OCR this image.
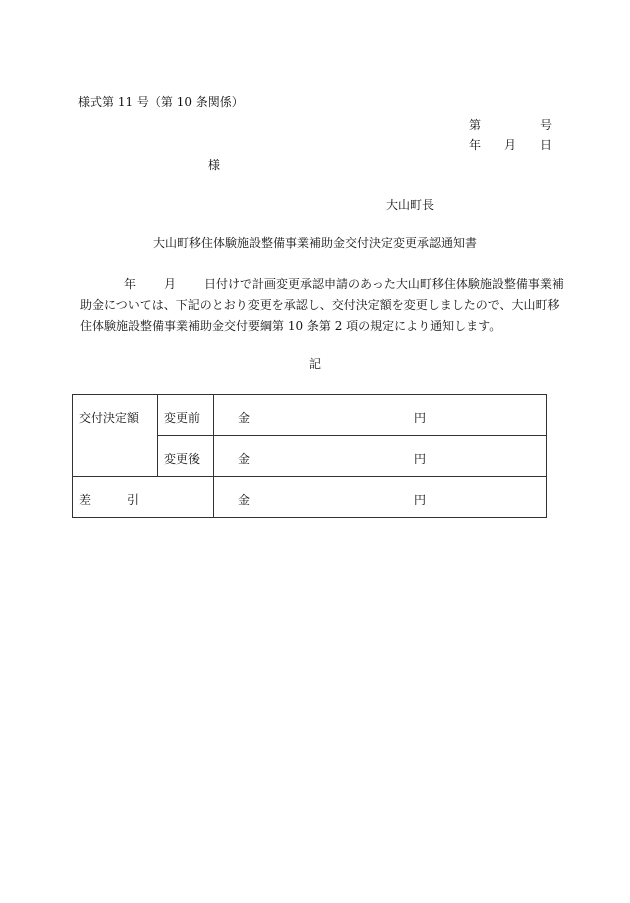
様式第 11 号（第 10 条関係）
第	号
年 月 日
様
大山町長
大山町移住体験施設整備事業補助金交付決定変更承認通知書
年 月 日付けで計画変更承認申請のあった大山町移住体験施設整備事業補
助金については、下記のとおり変更を承認し、交付決定額を変更しましたので、大山町移
住体験施設整備事業補助金交付要綱第 10 条第 2 項の規定により通知します。
記
交付決定額	変更前	金 円

変更後	金 円

差 引		金 円
